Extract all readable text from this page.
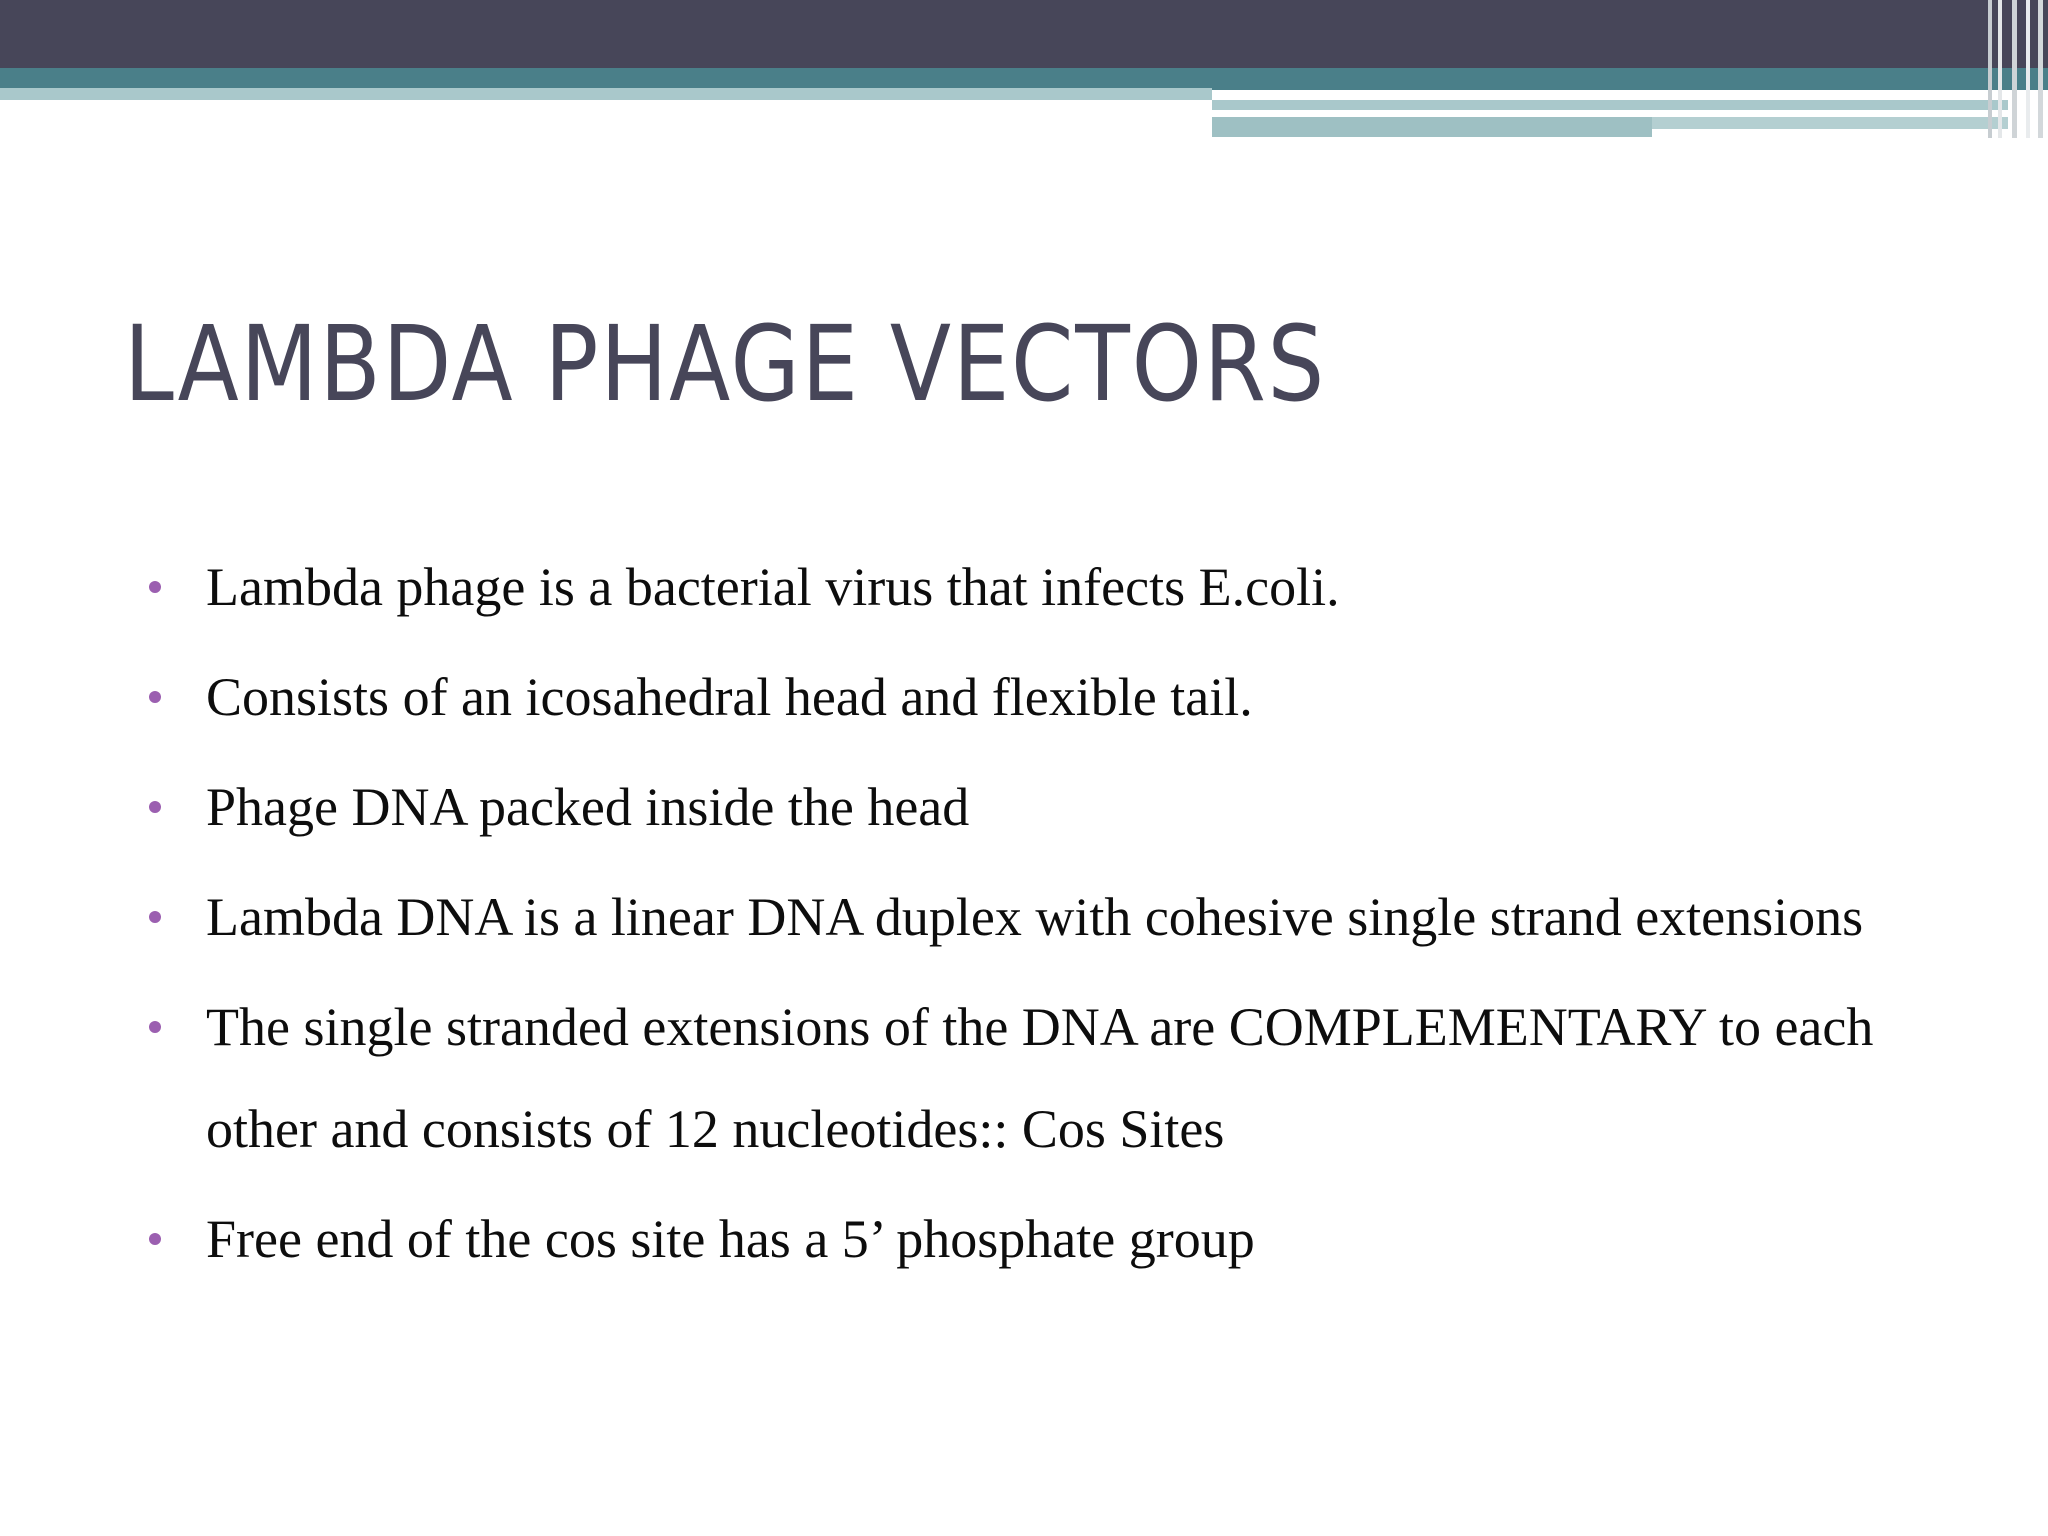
LAMBDA PHAGE VECTORS
Lambda phage is a bacterial virus that infects E.coli.
Consists of an icosahedral head and flexible tail.
Phage DNA packed inside the head
Lambda DNA is a linear DNA duplex with cohesive single strand extensions
The single stranded extensions of the DNA are COMPLEMENTARY to each other and consists of 12 nucleotides:: Cos Sites
Free end of the cos site has a 5’ phosphate group
